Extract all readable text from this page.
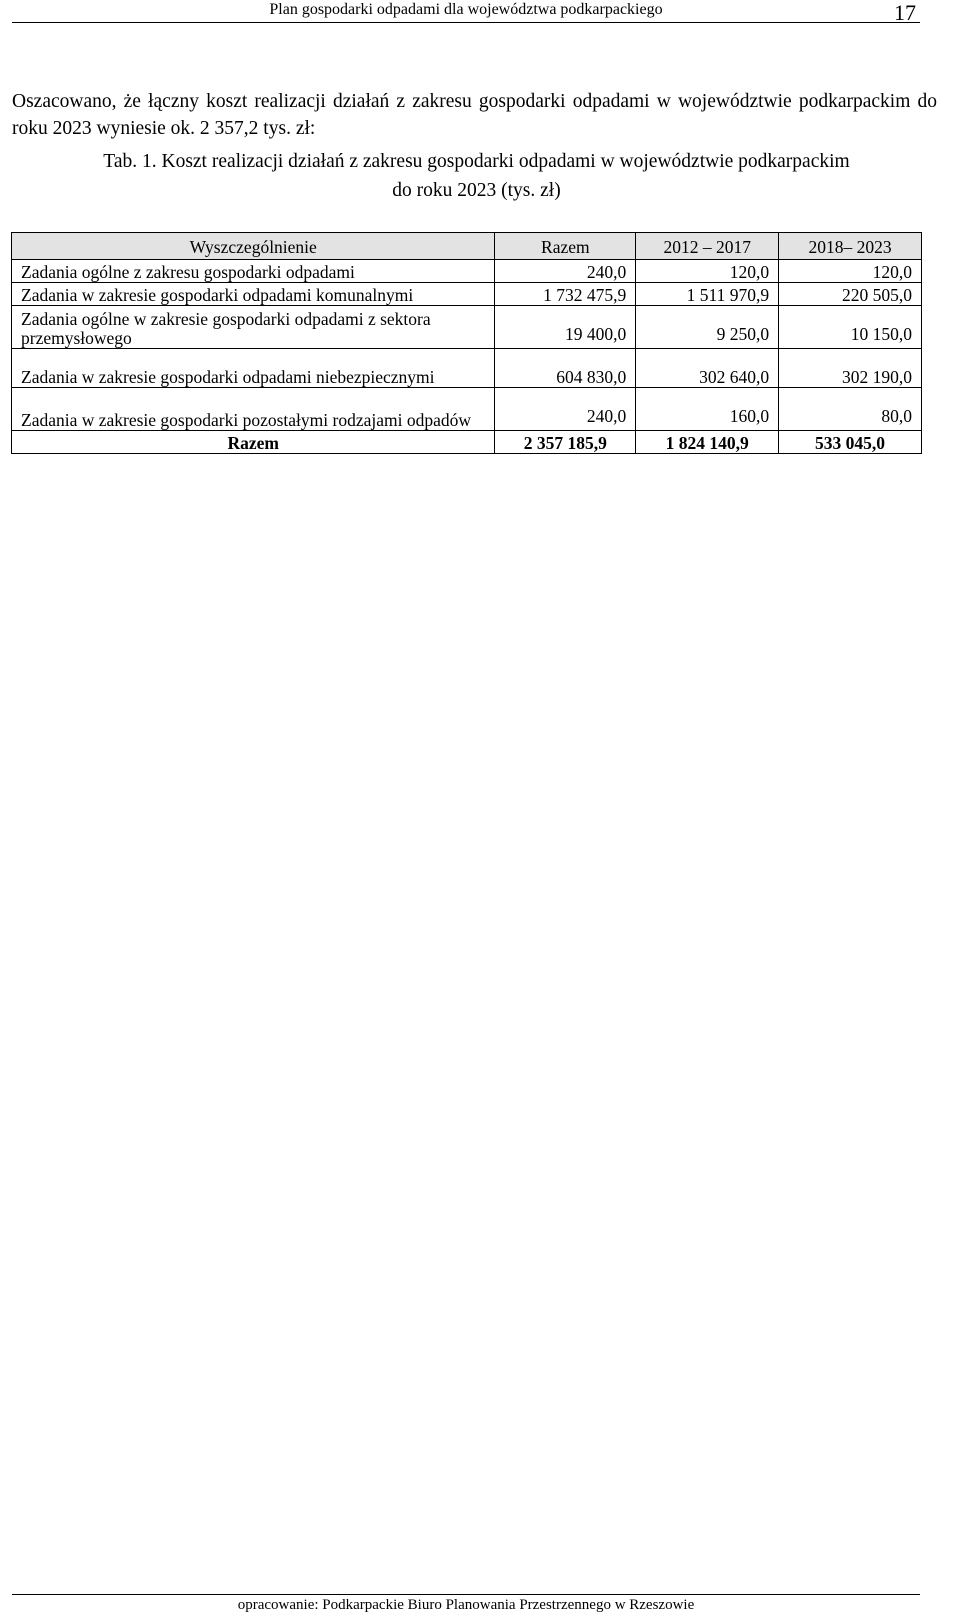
Plan gospodarki odpadami dla województwa podkarpackiego	17

Oszacowano, że łączny koszt realizacji działań z zakresu gospodarki odpadami w województwie podkarpackim do roku 2023 wyniesie ok. 2 357,2 tys. zł:

Tab. 1. Koszt realizacji działań z zakresu gospodarki odpadami w województwie podkarpackim
do roku 2023 (tys. zł)
Wyszczególnienie	Razem	2012 – 2017	2018– 2023
Zadania ogólne z zakresu gospodarki odpadami	240,0	120,0	120,0
Zadania w zakresie gospodarki odpadami komunalnymi	1 732 475,9	1 511 970,9	220 505,0
Zadania ogólne w zakresie gospodarki odpadami z sektora przemysłowego	19 400,0	9 250,0	10 150,0
Zadania w zakresie gospodarki odpadami niebezpiecznymi	604 830,0	302 640,0	302 190,0
Zadania w zakresie gospodarki pozostałymi rodzajami odpadów	240,0	160,0	80,0
Razem	2 357 185,9	1 824 140,9	533 045,0
opracowanie: Podkarpackie Biuro Planowania Przestrzennego w Rzeszowie
